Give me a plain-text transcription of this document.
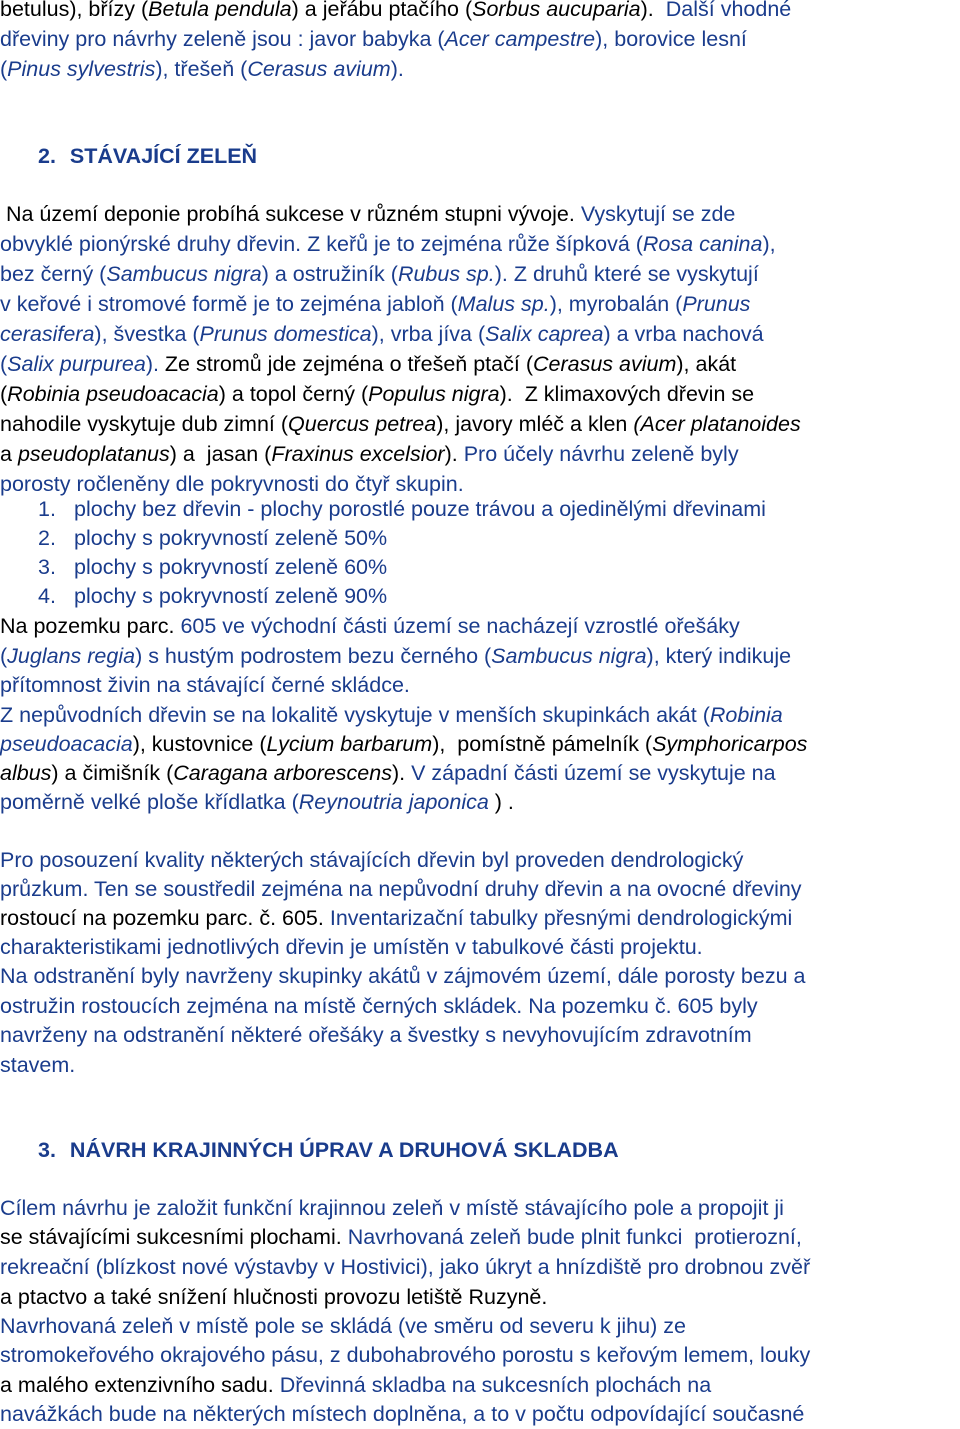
betulus), břízy (Betula pendula) a jeřábu ptačího (Sorbus aucuparia).  Další vhodné
dřeviny pro návrhy zeleně jsou : javor babyka (Acer campestre), borovice lesní
(Pinus sylvestris), třešeň (Cerasus avium).
2. STÁVAJÍCÍ ZELEŇ
Na území deponie probíhá sukcese v různém stupni vývoje. Vyskytují se zde
obvyklé pionýrské druhy dřevin. Z keřů je to zejména růže šípková (Rosa canina),
bez černý (Sambucus nigra) a ostružiník (Rubus sp.). Z druhů které se vyskytují
v keřové i stromové formě je to zejména jabloň (Malus sp.), myrobalán (Prunus
cerasifera), švestka (Prunus domestica), vrba jíva (Salix caprea) a vrba nachová
(Salix purpurea). Ze stromů jde zejména o třešeň ptačí (Cerasus avium), akát
(Robinia pseudoacacia) a topol černý (Populus nigra).  Z klimaxových dřevin se
nahodile vyskytuje dub zimní (Quercus petrea), javory mléč a klen (Acer platanoides
a pseudoplatanus) a  jasan (Fraxinus excelsior). Pro účely návrhu zeleně byly
porosty ročleněny dle pokryvnosti do čtyř skupin.
1. plochy bez dřevin - plochy porostlé pouze trávou a ojedinělými dřevinami
2. plochy s pokryvností zeleně 50%
3. plochy s pokryvností zeleně 60%
4. plochy s pokryvností zeleně 90%
Na pozemku parc. 605 ve východní části území se nacházejí vzrostlé ořešáky
(Juglans regia) s hustým podrostem bezu černého (Sambucus nigra), který indikuje
přítomnost živin na stávající černé skládce.
Z nepůvodních dřevin se na lokalitě vyskytuje v menších skupinkách akát (Robinia
pseudoacacia), kustovnice (Lycium barbarum),  pomístně pámelník (Symphoricarpos
albus) a čimišník (Caragana arborescens). V západní části území se vyskytuje na
poměrně velké ploše křídlatka (Reynoutria japonica ) .
Pro posouzení kvality některých stávajících dřevin byl proveden dendrologický
průzkum. Ten se soustředil zejména na nepůvodní druhy dřevin a na ovocné dřeviny
rostoucí na pozemku parc. č. 605. Inventarizační tabulky přesnými dendrologickými
charakteristikami jednotlivých dřevin je umístěn v tabulkové části projektu.
Na odstranění byly navrženy skupinky akátů v zájmovém území, dále porosty bezu a
ostružin rostoucích zejména na místě černých skládek. Na pozemku č. 605 byly
navrženy na odstranění některé ořešáky a švestky s nevyhovujícím zdravotním
stavem.
3. NÁVRH KRAJINNÝCH ÚPRAV A DRUHOVÁ SKLADBA
Cílem návrhu je založit funkční krajinnou zeleň v místě stávajícího pole a propojit ji
se stávajícími sukcesními plochami. Navrhovaná zeleň bude plnit funkci  protierozní,
rekreační (blízkost nové výstavby v Hostivici), jako úkryt a hnízdiště pro drobnou zvěř
a ptactvo a také snížení hlučnosti provozu letiště Ruzyně.
Navrhovaná zeleň v místě pole se skládá (ve směru od severu k jihu) ze
stromokeřového okrajového pásu, z dubohabrového porostu s keřovým lemem, louky
a malého extenzivního sadu. Dřevinná skladba na sukcesních plochách na
navážkách bude na některých místech doplněna, a to v počtu odpovídající současné
